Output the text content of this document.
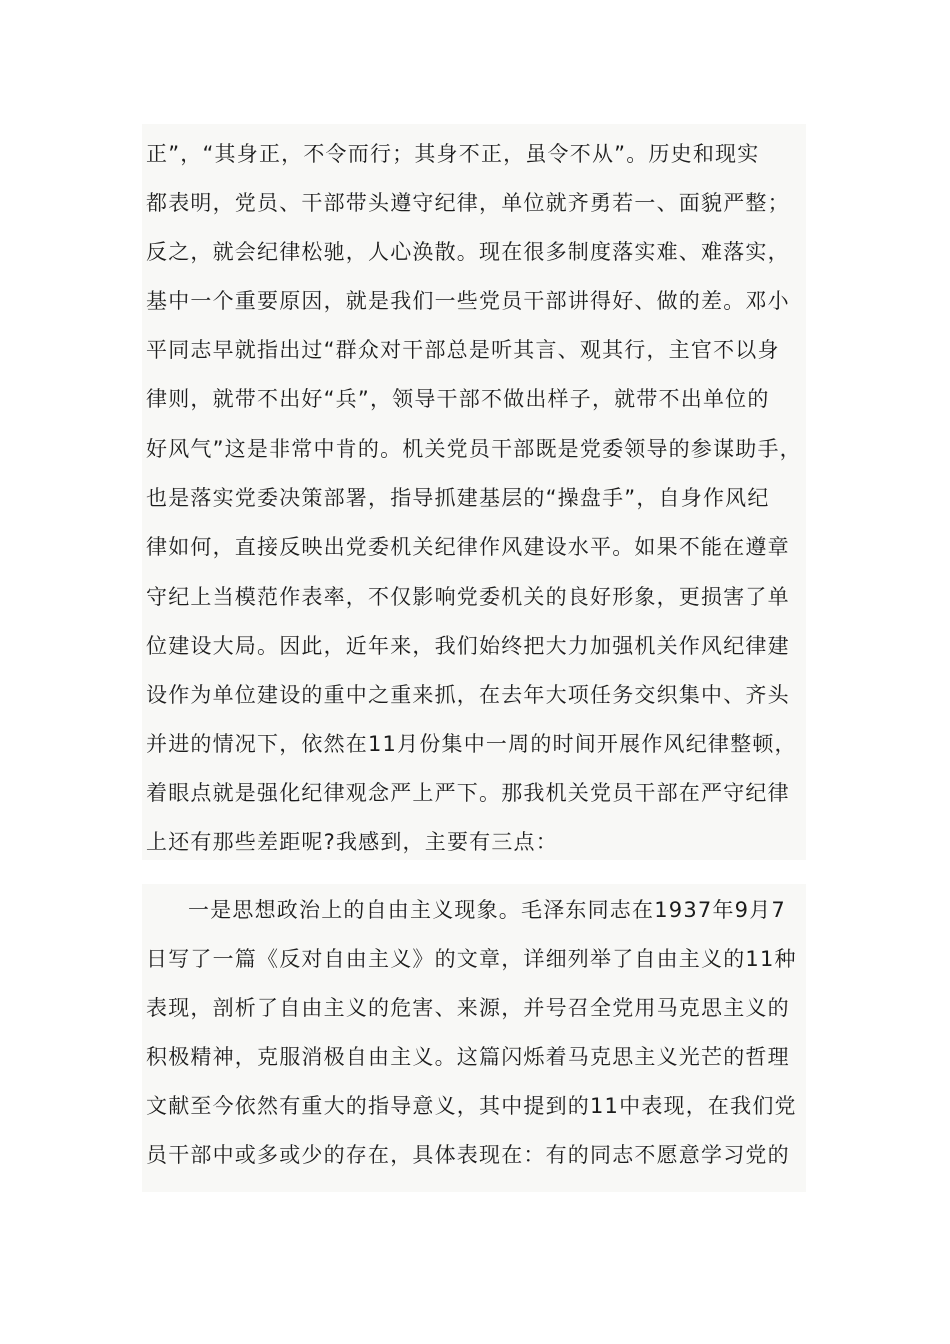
正”，“其身正，不令而行；其身不正，虽令不从”。历史和现实
都表明，党员、干部带头遵守纪律，单位就齐勇若一、面貌严整；
反之，就会纪律松驰，人心涣散。现在很多制度落实难、难落实，
基中一个重要原因，就是我们一些党员干部讲得好、做的差。邓小
平同志早就指出过“群众对干部总是听其言、观其行，主官不以身
律则，就带不出好“兵”，领导干部不做出样子，就带不出单位的
好风气”这是非常中肯的。机关党员干部既是党委领导的参谋助手，
也是落实党委决策部署，指导抓建基层的“操盘手”，自身作风纪
律如何，直接反映出党委机关纪律作风建设水平。如果不能在遵章
守纪上当模范作表率，不仅影响党委机关的良好形象，更损害了单
位建设大局。因此，近年来，我们始终把大力加强机关作风纪律建
设作为单位建设的重中之重来抓，在去年大项任务交织集中、齐头
并进的情况下，依然在11月份集中一周的时间开展作风纪律整顿，
着眼点就是强化纪律观念严上严下。那我机关党员干部在严守纪律
上还有那些差距呢?我感到，主要有三点：
一是思想政治上的自由主义现象。毛泽东同志在1937年9月7
日写了一篇《反对自由主义》的文章，详细列举了自由主义的11种
表现，剖析了自由主义的危害、来源，并号召全党用马克思主义的
积极精神，克服消极自由主义。这篇闪烁着马克思主义光芒的哲理
文献至今依然有重大的指导意义，其中提到的11中表现，在我们党
员干部中或多或少的存在，具体表现在：有的同志不愿意学习党的
